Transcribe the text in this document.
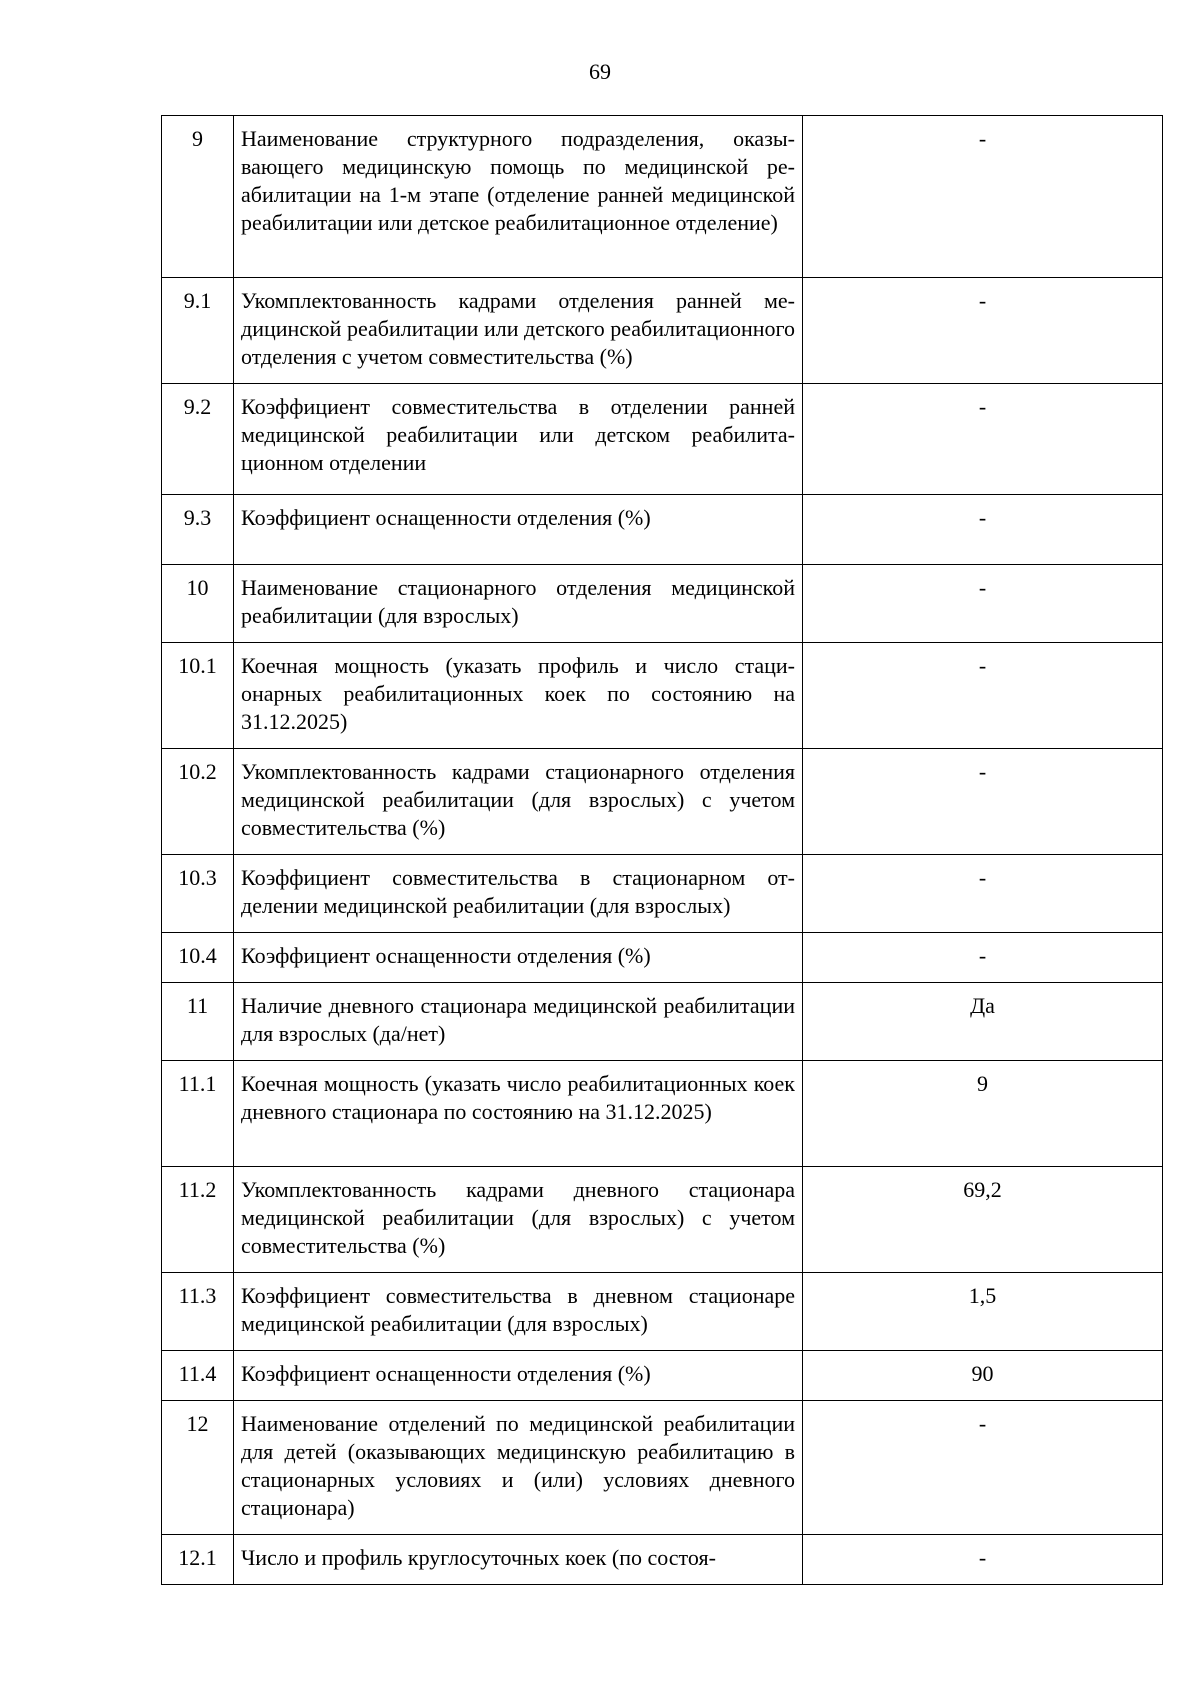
69
9	Наименование структурного подразделения, оказывающего медицинскую помощь по медицинской реабилитации на 1-м этапе (отделение ранней медицинской реабилитации или детское реабилитационное отделение)	-
9.1	Укомплектованность кадрами отделения ранней медицинской реабилитации или детского реабилитационного отделения с учетом совместительства (%)	-
9.2	Коэффициент совместительства в отделении ранней медицинской реабилитации или детском реабилитационном отделении	-
9.3	Коэффициент оснащенности отделения (%)	-
10	Наименование стационарного отделения медицинской реабилитации (для взрослых)	-
10.1	Коечная мощность (указать профиль и число стационарных реабилитационных коек по состоянию на 31.12.2025)	-
10.2	Укомплектованность кадрами стационарного отделения медицинской реабилитации (для взрослых) с учетом совместительства (%)	-
10.3	Коэффициент совместительства в стационарном отделении медицинской реабилитации (для взрослых)	-
10.4	Коэффициент оснащенности отделения (%)	-
11	Наличие дневного стационара медицинской реабилитации для взрослых (да/нет)	Да
11.1	Коечная мощность (указать число реабилитационных коек дневного стационара по состоянию на 31.12.2025)	9
11.2	Укомплектованность кадрами дневного стационара медицинской реабилитации (для взрослых) с учетом совместительства (%)	69,2
11.3	Коэффициент совместительства в дневном стационаре медицинской реабилитации (для взрослых)	1,5
11.4	Коэффициент оснащенности отделения (%)	90
12	Наименование отделений по медицинской реабилитации для детей (оказывающих медицинскую реабилитацию в стационарных условиях и (или) условиях дневного стационара)	-
12.1	Число и профиль круглосуточных коек (по состоя-	-
